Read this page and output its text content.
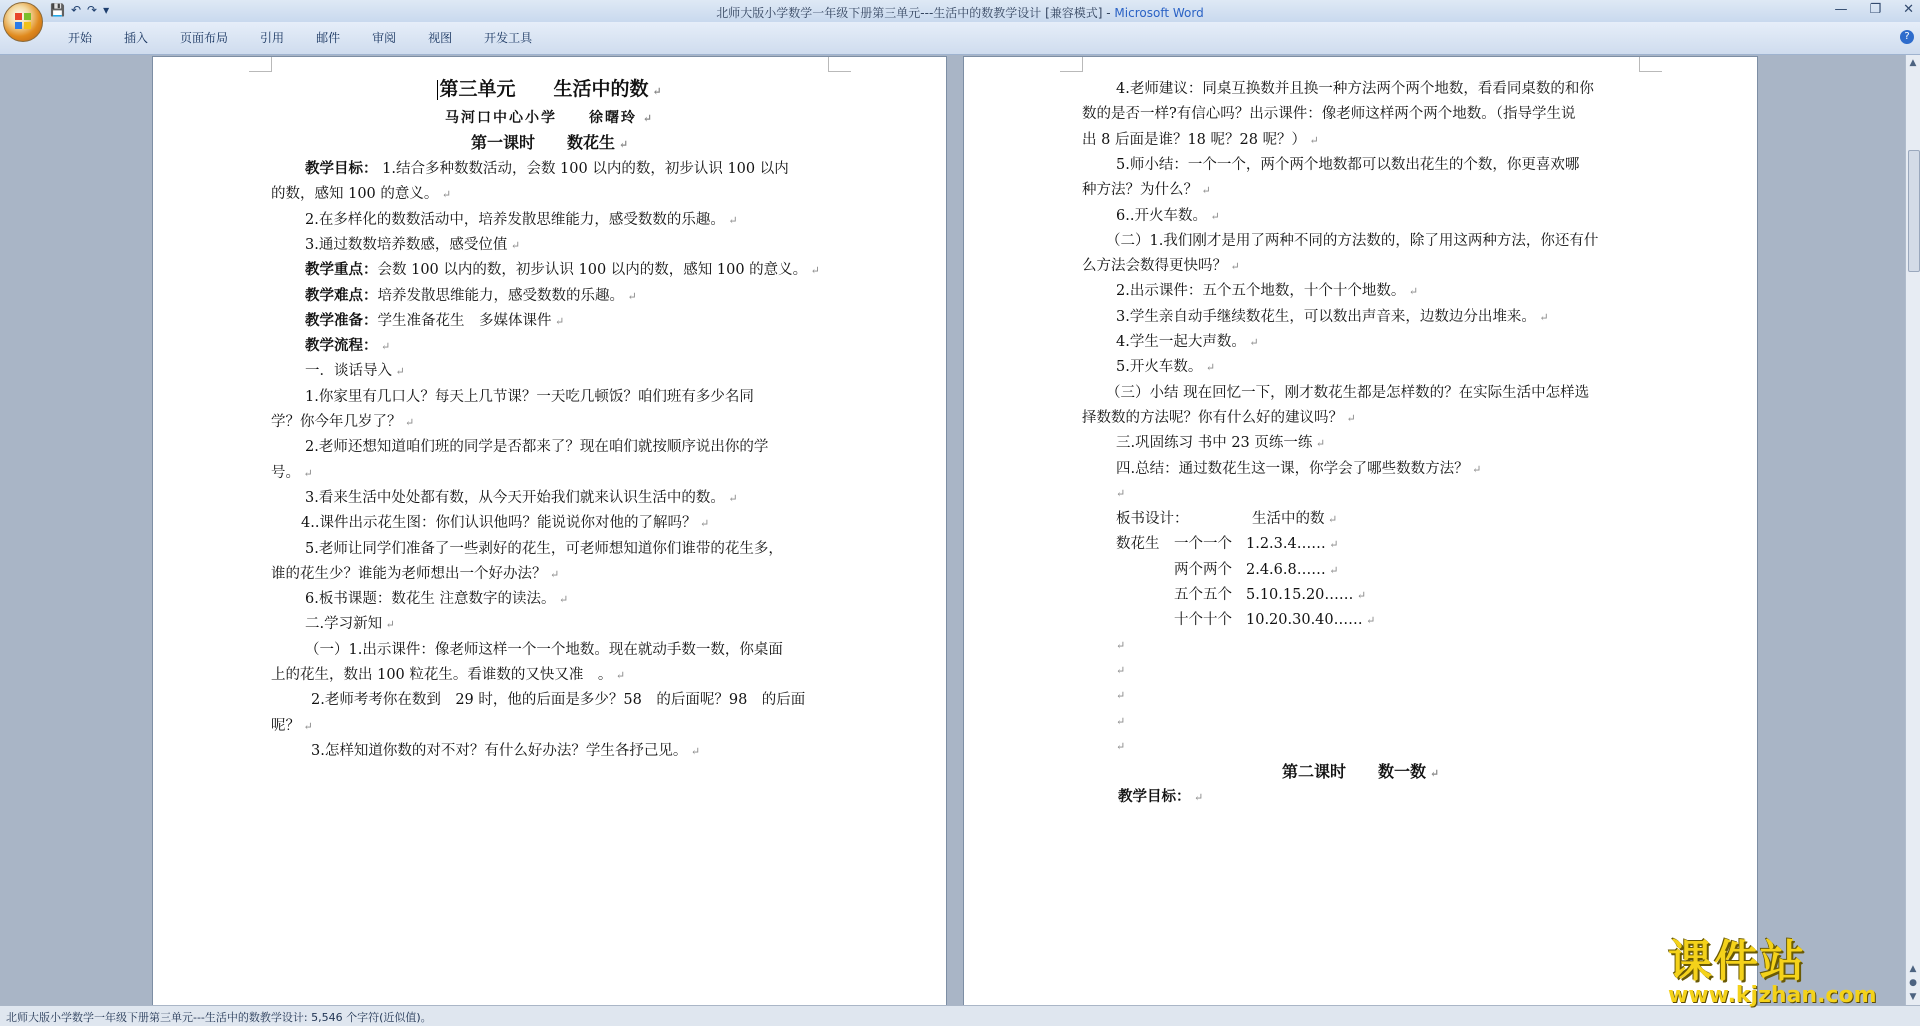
💾 ↶ ↷ ▾	北师大版小学数学一年级下册第三单元---生活中的数教学设计 [兼容模式] - Microsoft Word	— ❐ ✕
开始	插入	页面布局	引用	邮件	审阅	视图	开发工具	?
第三单元　　生活中的数 ↵
马河口中心小学　　徐曙玲 ↵
第一课时　　数花生 ↵
教学目标： 1.结合多种数数活动，会数 100 以内的数，初步认识 100 以内
的数，感知 100 的意义。 ↵
2.在多样化的数数活动中，培养发散思维能力，感受数数的乐趣。 ↵
3.通过数数培养数感，感受位值 ↵
教学重点：会数 100 以内的数，初步认识 100 以内的数，感知 100 的意义。 ↵
教学难点：培养发散思维能力，感受数数的乐趣。 ↵
教学准备：学生准备花生　多媒体课件 ↵
教学流程： ↵
一．谈话导入 ↵
1.你家里有几口人？每天上几节课？一天吃几顿饭？咱们班有多少名同
学？你今年几岁了？ ↵
2.老师还想知道咱们班的同学是否都来了？现在咱们就按顺序说出你的学
号。 ↵
3.看来生活中处处都有数，从今天开始我们就来认识生活中的数。 ↵
4..课件出示花生图：你们认识他吗？能说说你对他的了解吗？ ↵
5.老师让同学们准备了一些剥好的花生，可老师想知道你们谁带的花生多，
谁的花生少？谁能为老师想出一个好办法？ ↵
6.板书课题：数花生 注意数字的读法。 ↵
二.学习新知 ↵
（一）1.出示课件：像老师这样一个一个地数。现在就动手数一数，你桌面
上的花生，数出 100 粒花生。看谁数的又快又准　。 ↵
2.老师考考你在数到　29 时，他的后面是多少？58　的后面呢？98　的后面
呢？ ↵
3.怎样知道你数的对不对？有什么好办法？学生各抒己见。 ↵
4.老师建议：同桌互换数并且换一种方法两个两个地数，看看同桌数的和你
数的是否一样?有信心吗？出示课件：像老师这样两个两个地数。（指导学生说
出 8 后面是谁？18 呢？28 呢？） ↵
5.师小结：一个一个，两个两个地数都可以数出花生的个数，你更喜欢哪
种方法？为什么？ ↵
6..开火车数。 ↵
（二）1.我们刚才是用了两种不同的方法数的，除了用这两种方法，你还有什
么方法会数得更快吗？ ↵
2.出示课件：五个五个地数，十个十个地数。 ↵
3.学生亲自动手继续数花生，可以数出声音来，边数边分出堆来。 ↵
4.学生一起大声数。 ↵
5.开火车数。 ↵
（三）小结 现在回忆一下，刚才数花生都是怎样数的？在实际生活中怎样选
择数数的方法呢？你有什么好的建议吗？ ↵
三.巩固练习 书中 23 页练一练 ↵
四.总结：通过数花生这一课，你学会了哪些数数方法？ ↵
↵
板书设计：	生活中的数 ↵
数花生 一个一个 1.2.3.4…… ↵
两个两个 2.4.6.8…… ↵
五个五个 5.10.15.20…… ↵
十个十个 10.20.30.40…… ↵
↵
↵
↵
↵
↵
第二课时　　数一数 ↵
教学目标： ↵
▲
▲
●
▼
北师大版小学数学一年级下册第三单元---生活中的数教学设计: 5,546 个字符(近似值)。
课件站
www.kjzhan.com
